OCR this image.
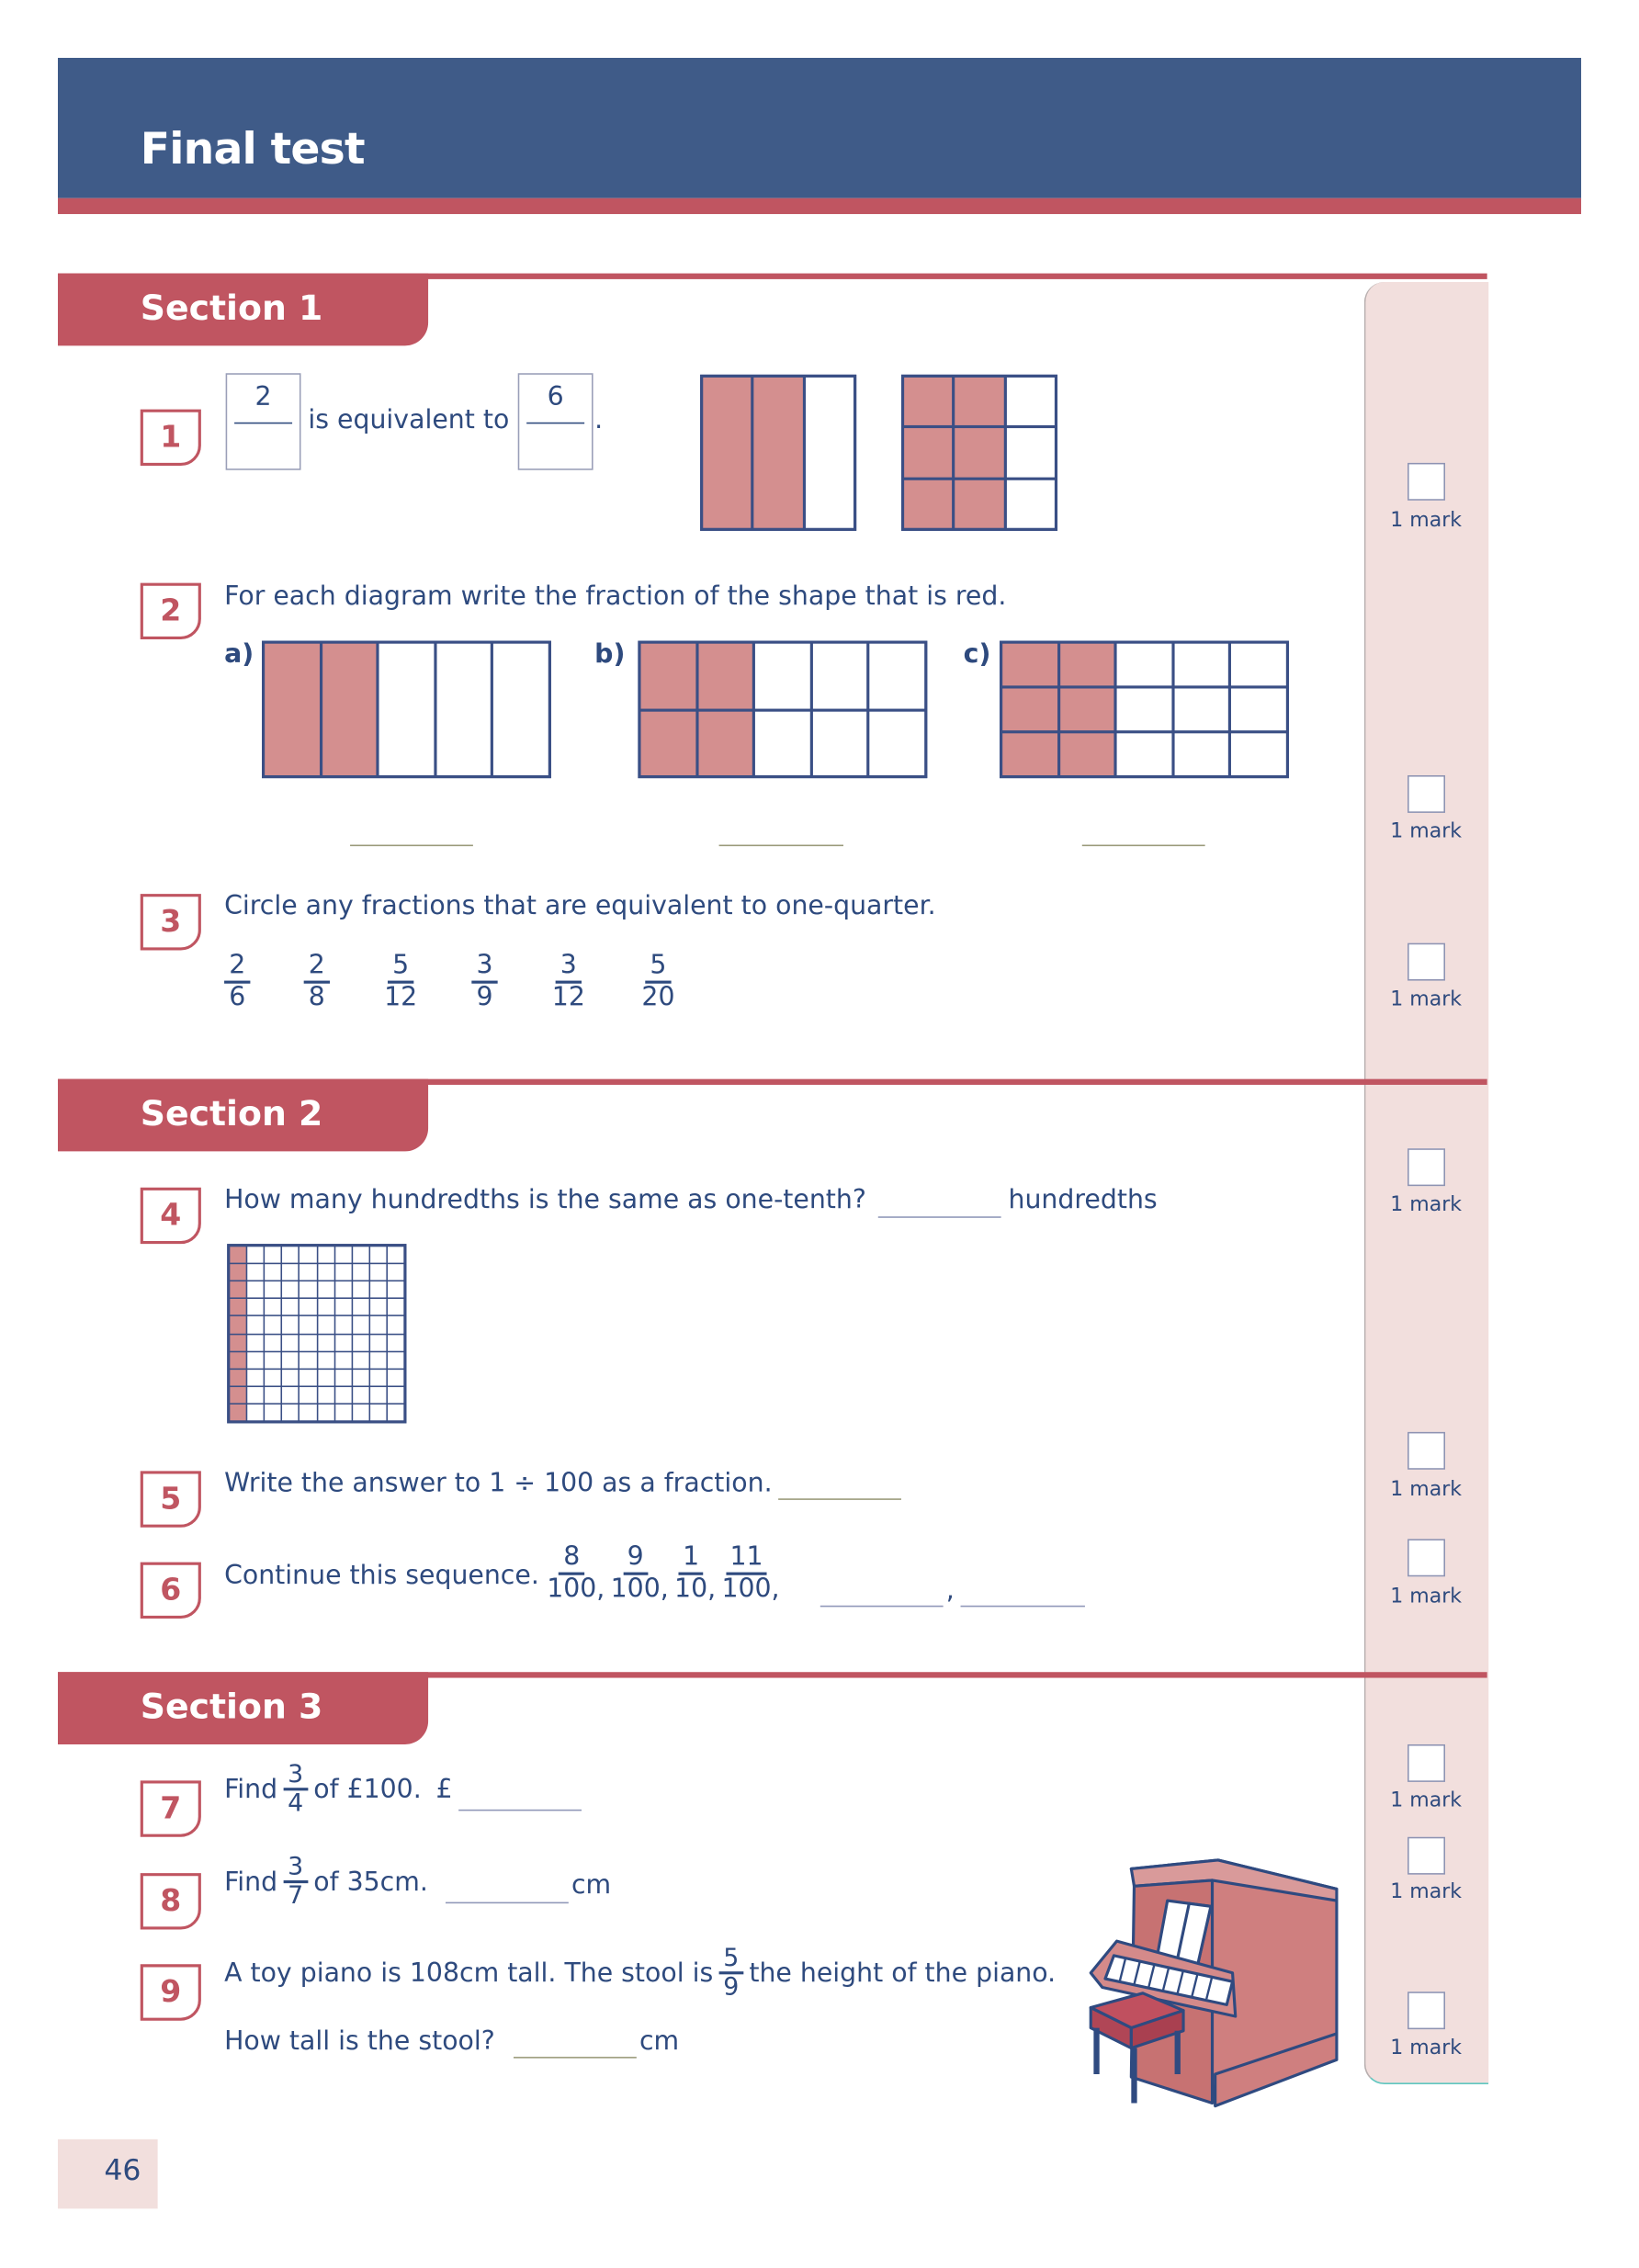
Final test
Section 1
Section 2
Section 3
1
2
is equivalent to
6
.
2	For each diagram write the fraction of the shape that is red.
a)	b)	c)
3	Circle any fractions that are equivalent to one-quarter.
$\frac{2}{6}$	$\frac{2}{8}$	$\frac{5}{12}$	$\frac{3}{9}$	$\frac{3}{12}$	$\frac{5}{20}$
4	How many hundredths is the same as one-tenth?	hundredths
5	Write the answer to 1 ÷ 100 as a fraction.
6	Continue this sequence. $\frac{8}{100}$ , $\frac{9}{100}$ , $\frac{1}{10}$ , $\frac{11}{100}$ ,	,
7
Find $\frac{3}{4}$ of £100. £
8
Find $\frac{3}{7}$ of 35cm.	cm
9
A toy piano is 108cm tall. The stool is $\frac{5}{9}$ the height of the piano.
How tall is the stool?	cm
1 mark
1 mark
1 mark
1 mark
1 mark
1 mark
1 mark
1 mark
1 mark
46
